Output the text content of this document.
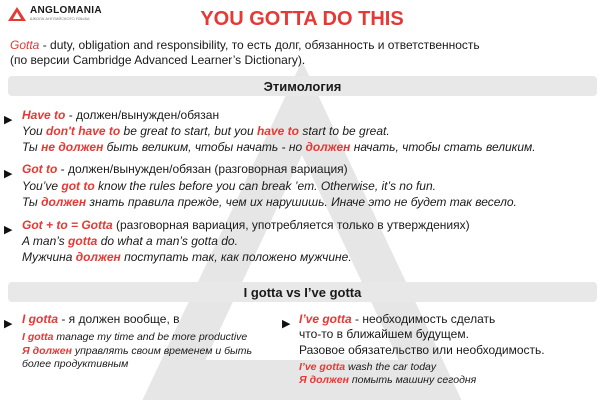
ANGLOMANIA
ШКОЛА АНГЛИЙСКОГО ЯЗЫКА	YOU GOTTA DO THIS
Gotta - duty, obligation and responsibility, то есть долг, обязанность и ответственность
(по версии Cambridge Advanced Learner’s Dictionary).
Этимология
▶ Have to - должен/вынужден/обязан
You don't have to be great to start, but you have to start to be great.
Ты не должен быть великим, чтобы начать - но должен начать, чтобы стать великим.
▶ Got to - должен/вынужден/обязан (разговорная вариация)
You’ve got to know the rules before you can break ’em. Otherwise, it’s no fun.
Ты должен знать правила прежде, чем их нарушишь. Иначе это не будет так весело.
▶ Got + to = Gotta (разговорная вариация, употребляется только в утверждениях)
A man’s gotta do what a man’s gotta do.
Мужчина должен поступать так, как положено мужчине.
I gotta vs I’ve gotta
▶ I gotta - я должен вообще, в
I gotta manage my time and be more productive
Я должен управлять своим временем и быть
более продуктивным
▶ I’ve gotta - необходимость сделать
что-то в ближайшем будущем.
Разовое обязательство или необходимость.
I’ve gotta wash the car today
Я должен помыть машину сегодня
